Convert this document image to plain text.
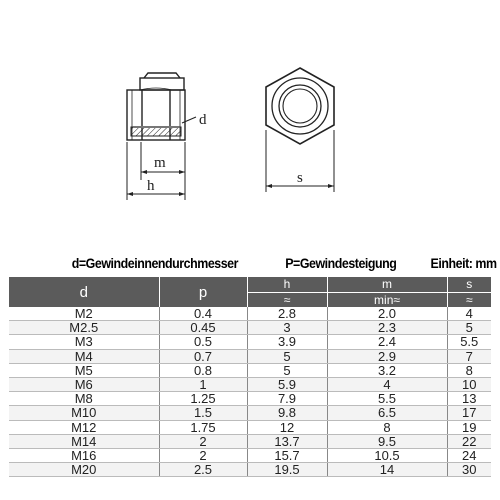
d
m
h	s
d=Gewindeinnendurchmesser	P=Gewindesteigung	Einheit: mm
d	p	h	m	s
		≈	min≈	≈
M2	0.4	2.8	2.0	4
M2.5	0.45	3	2.3	5
M3	0.5	3.9	2.4	5.5
M4	0.7	5	2.9	7
M5	0.8	5	3.2	8
M6	1	5.9	4	10
M8	1.25	7.9	5.5	13
M10	1.5	9.8	6.5	17
M12	1.75	12	8	19
M14	2	13.7	9.5	22
M16	2	15.7	10.5	24
M20	2.5	19.5	14	30
